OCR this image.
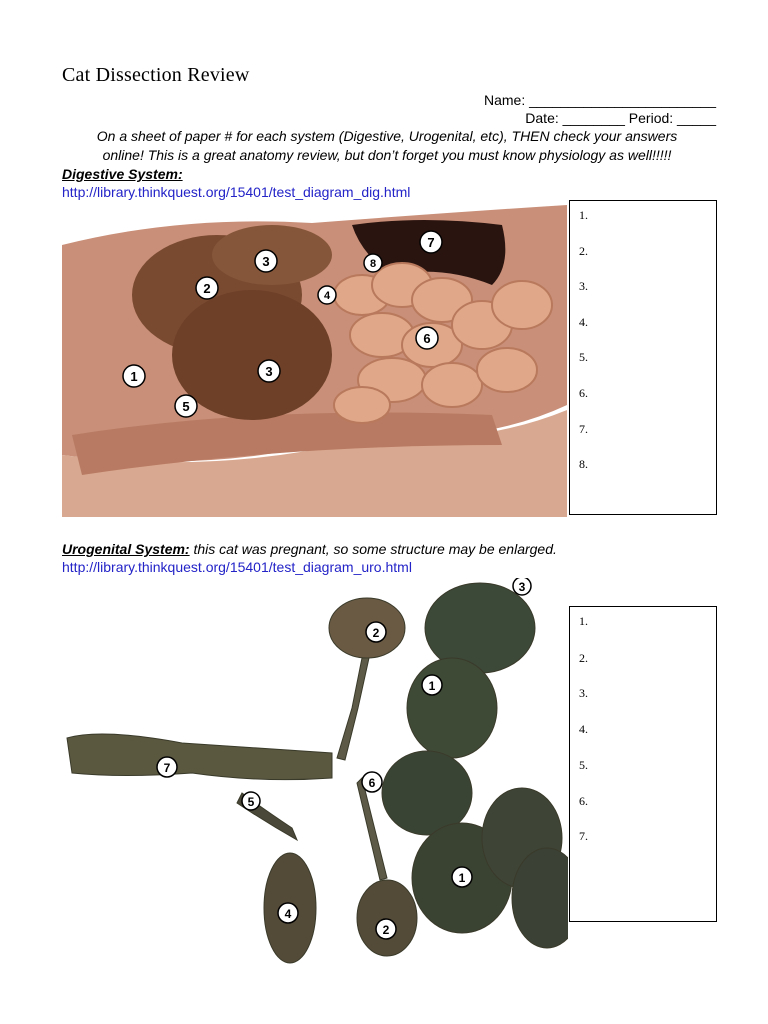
Cat Dissection Review
Name: ________________________
Date: ________ Period: _____
On a sheet of paper # for each system (Digestive, Urogenital, etc), THEN check your answers
online! This is a great anatomy review, but don’t forget you must know physiology as well!!!!!
Digestive System:
http://library.thinkquest.org/15401/test_diagram_dig.html
1
2
3
3
4
5
6
7
8
1.
2.
3.
4.
5.
6.
7.
8.
Urogenital System: this cat was pregnant, so some structure may be enlarged.
http://library.thinkquest.org/15401/test_diagram_uro.html
1
1
2
2
3
4
5
6
7
1.
2.
3.
4.
5.
6.
7.
